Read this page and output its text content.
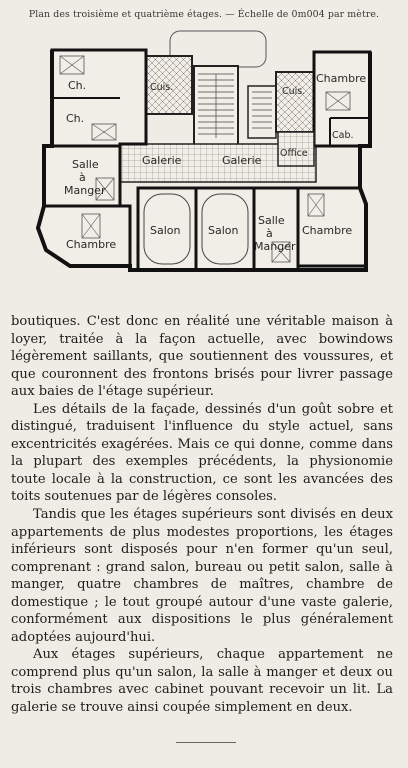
Plan des troisième et quatrième étages. — Échelle de 0m004 par mètre.
Ch.
Ch.
Cuis.	Cuis.
Chambre
Cab.
Galerie	Galerie
Office
Salle
à
Manger
Salon	Salon
Salle
à
Manger
Chambre
Chambre

boutiques. C'est donc en réalité une véritable maison à loyer, traitée à la façon actuelle, avec bowindows légèrement saillants, que soutiennent des voussures, et que couronnent des frontons brisés pour livrer passage aux baies de l'étage supérieur.

Les détails de la façade, dessinés d'un goût sobre et distingué, traduisent l'influence du style actuel, sans excentricités exagérées. Mais ce qui donne, comme dans la plupart des exemples précédents, la physionomie toute locale à la construction, ce sont les avancées des toits soutenues par de légères consoles.

Tandis que les étages supérieurs sont divisés en deux appartements de plus modestes proportions, les étages inférieurs sont disposés pour n'en former qu'un seul, comprenant : grand salon, bureau ou petit salon, salle à manger, quatre chambres de maîtres, chambre de domestique ; le tout groupé autour d'une vaste galerie, conformément aux dispositions le plus généralement adoptées aujourd'hui.

Aux étages supérieurs, chaque appartement ne comprend plus qu'un salon, la salle à manger et deux ou trois chambres avec cabinet pouvant recevoir un lit. La galerie se trouve ainsi coupée simplement en deux.
